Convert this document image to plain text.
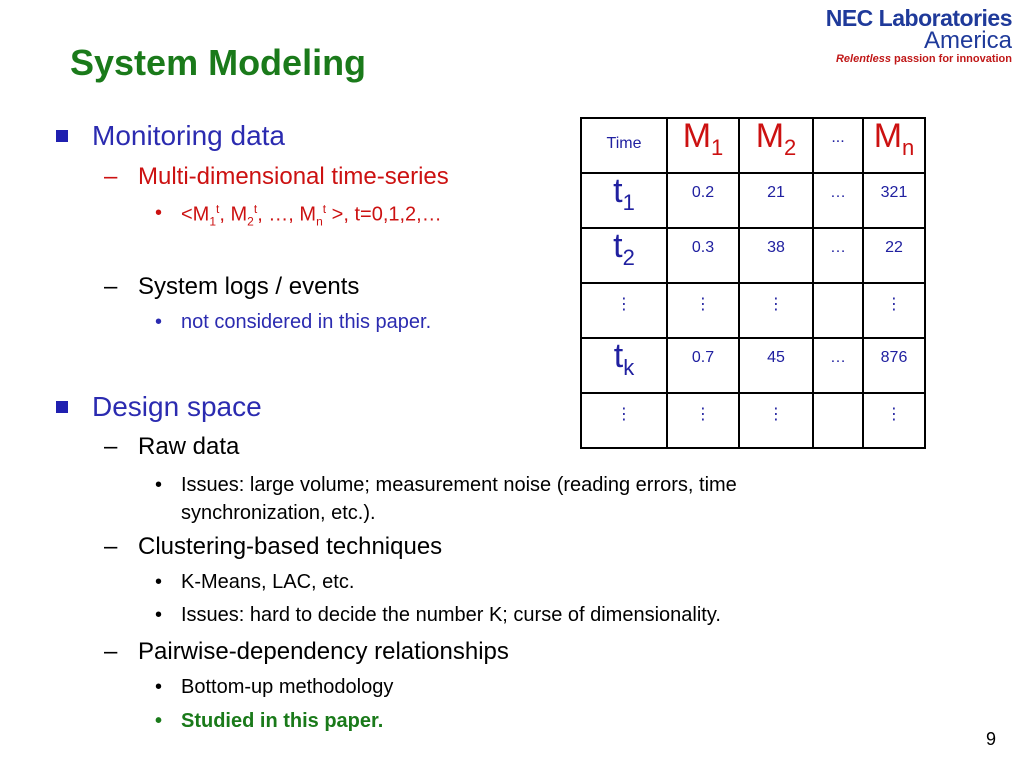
System Modeling
NEC Laboratories
America
Relentless passion for innovation
Monitoring data
– Multi-dimensional time-series
• $<M_1^t$, $M_2^t$, …, $M_n^t$ >, t=0,1,2,…
– System logs / events
• not considered in this paper.
Design space
– Raw data
• Issues: large volume; measurement noise (reading errors, time
synchronization, etc.).
– Clustering-based techniques
• K-Means, LAC, etc.
• Issues: hard to decide the number K; curse of dimensionality.
– Pairwise-dependency relationships
• Bottom-up methodology
• Studied in this paper.
Time	$M_1$	$M_2$	...	$M_n$
$t_1$	0.2	21	…	321
$t_2$	0.3	38	…	22
⋮	⋮	⋮		⋮
$t_k$	0.7	45	…	876
⋮	⋮	⋮		⋮
9
